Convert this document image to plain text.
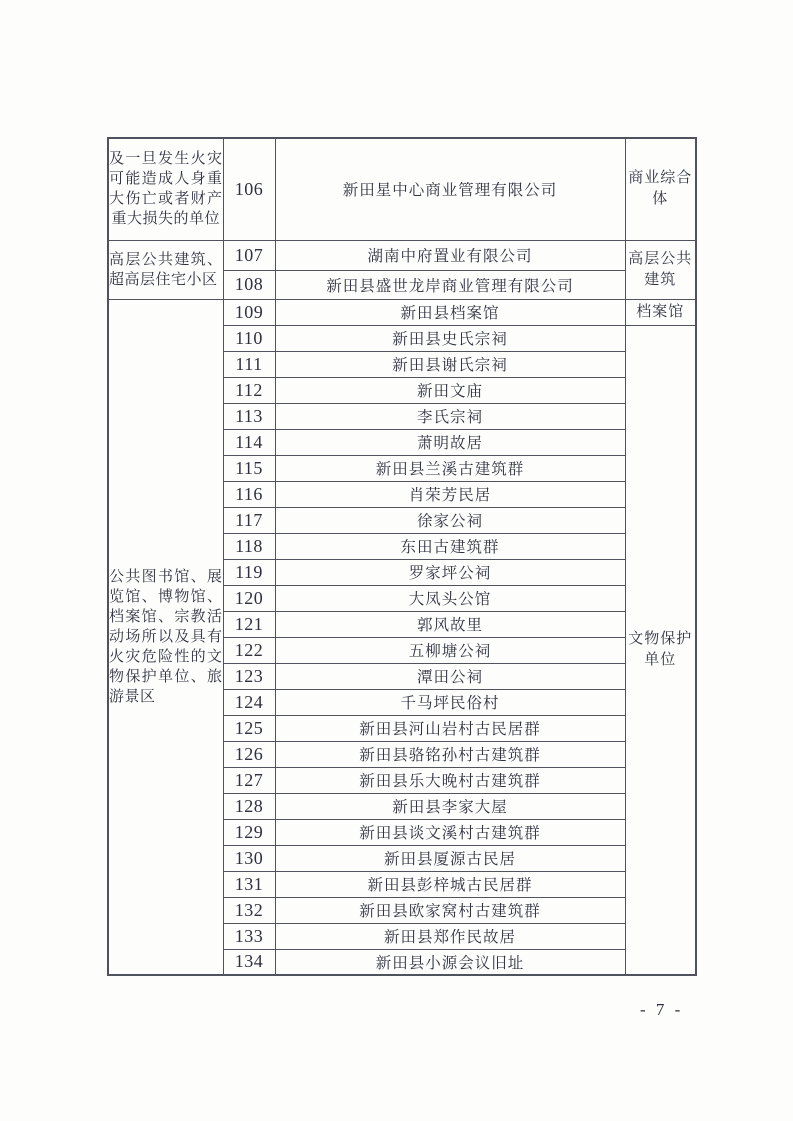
及一旦发生火灾可能造成人身重大伤亡或者财产重大损失的单位	106	新田星中心商业管理有限公司	商业综合体
高层公共建筑、超高层住宅小区	107	湖南中府置业有限公司	高层公共建筑
	108	新田县盛世龙岸商业管理有限公司	
公共图书馆、展览馆、博物馆、档案馆、宗教活动场所以及具有火灾危险性的文物保护单位、旅游景区	109	新田县档案馆	档案馆
	110	新田县史氏宗祠	文物保护单位
	111	新田县谢氏宗祠	
	112	新田文庙	
	113	李氏宗祠	
	114	萧明故居	
	115	新田县兰溪古建筑群	
	116	肖荣芳民居	
	117	徐家公祠	
	118	东田古建筑群	
	119	罗家坪公祠	
	120	大凤头公馆	
	121	郭风故里	
	122	五柳塘公祠	
	123	潭田公祠	
	124	千马坪民俗村	
	125	新田县河山岩村古民居群	
	126	新田县骆铭孙村古建筑群	
	127	新田县乐大晚村古建筑群	
	128	新田县李家大屋	
	129	新田县谈文溪村古建筑群	
	130	新田县厦源古民居	
	131	新田县彭梓城古民居群	
	132	新田县欧家窝村古建筑群	
	133	新田县郑作民故居	
	134	新田县小源会议旧址	
- 7 -
